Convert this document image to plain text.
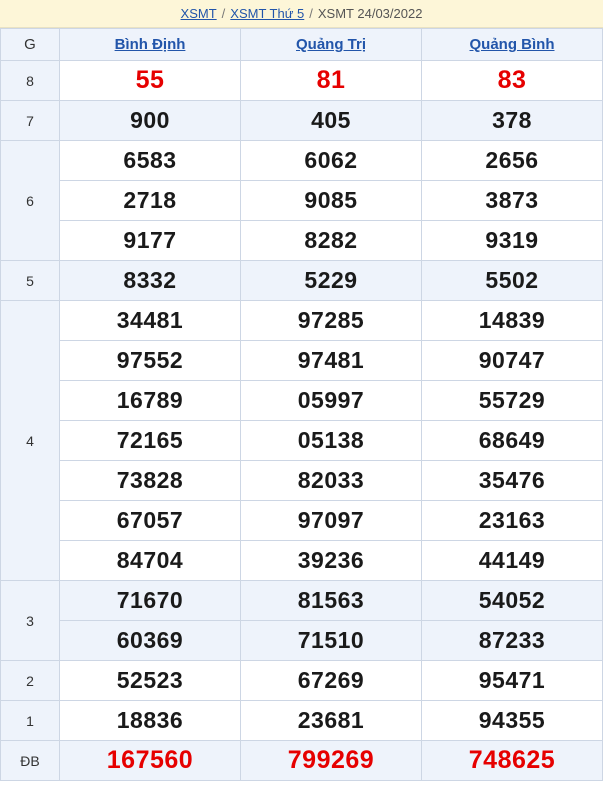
XSMT / XSMT Thứ 5 / XSMT 24/03/2022
G	Bình Định	Quảng Trị	Quảng Bình
8	55	81	83
7	900	405	378
6	6583	6062	2656
	2718	9085	3873
	9177	8282	9319
5	8332	5229	5502
4	34481	97285	14839
	97552	97481	90747
	16789	05997	55729
	72165	05138	68649
	73828	82033	35476
	67057	97097	23163
	84704	39236	44149
3	71670	81563	54052
	60369	71510	87233
2	52523	67269	95471
1	18836	23681	94355
ĐB	167560	799269	748625
